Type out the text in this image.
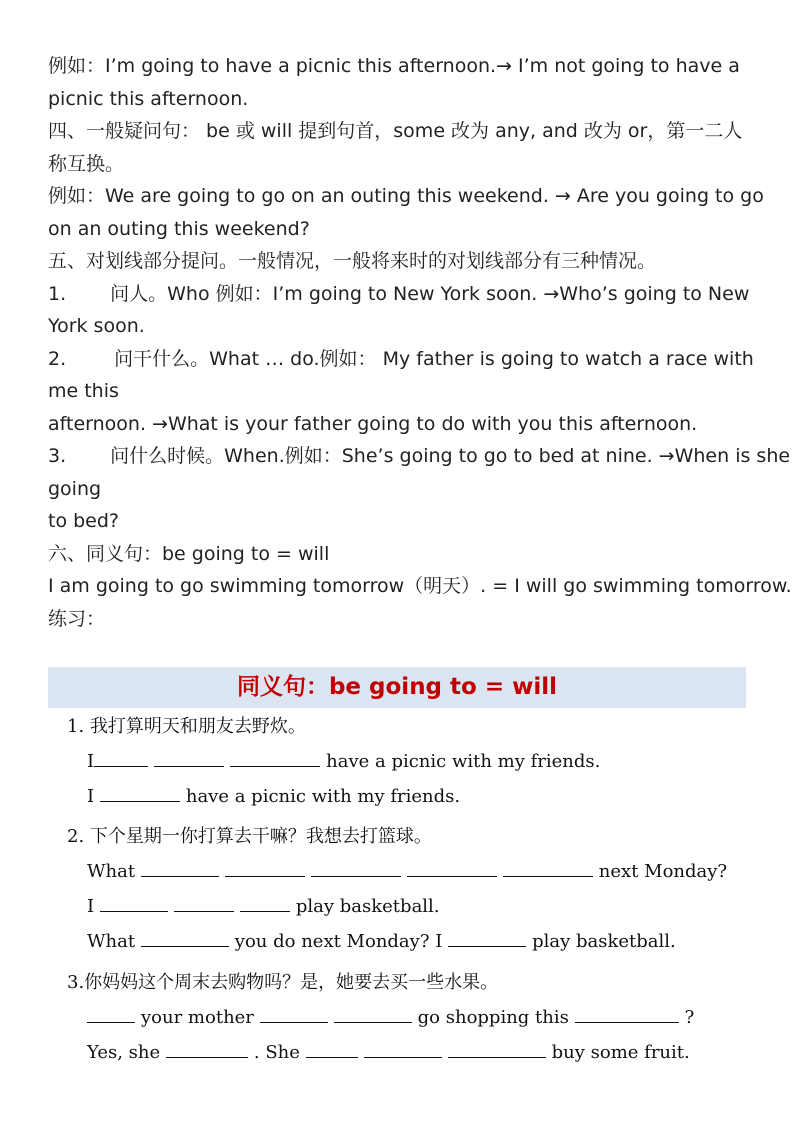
例如：I’m going to have a picnic this afternoon.→ I’m not going to have a
picnic this afternoon.
四、一般疑问句： be 或 will 提到句首，some 改为 any, and 改为 or，第一二人
称互换。
例如：We are going to go on an outing this weekend. → Are you going to go
on an outing this weekend?
五、对划线部分提问。一般情况，一般将来时的对划线部分有三种情况。
1. 问人。Who 例如：I’m going to New York soon. →Who’s going to New
York soon.
2.	问干什么。What … do.例如： My father is going to watch a race with
me this
afternoon. →What is your father going to do with you this afternoon.
3. 问什么时候。When.例如：She’s going to go to bed at nine. →When is she
going
to bed?
六、同义句：be going to = will
I am going to go swimming tomorrow（明天）. = I will go swimming tomorrow.
练习：
同义句：be going to = will
1. 我打算明天和朋友去野炊。
I	have a picnic with my friends.
I	have a picnic with my friends.
2. 下个星期一你打算去干嘛？我想去打篮球。
What	next Monday?
I	play basketball.
What	you do next Monday? I	play basketball.
3.你妈妈这个周末去购物吗？是，她要去买一些水果。
your mother	go shopping this	?
Yes, she	. She	buy some fruit.
